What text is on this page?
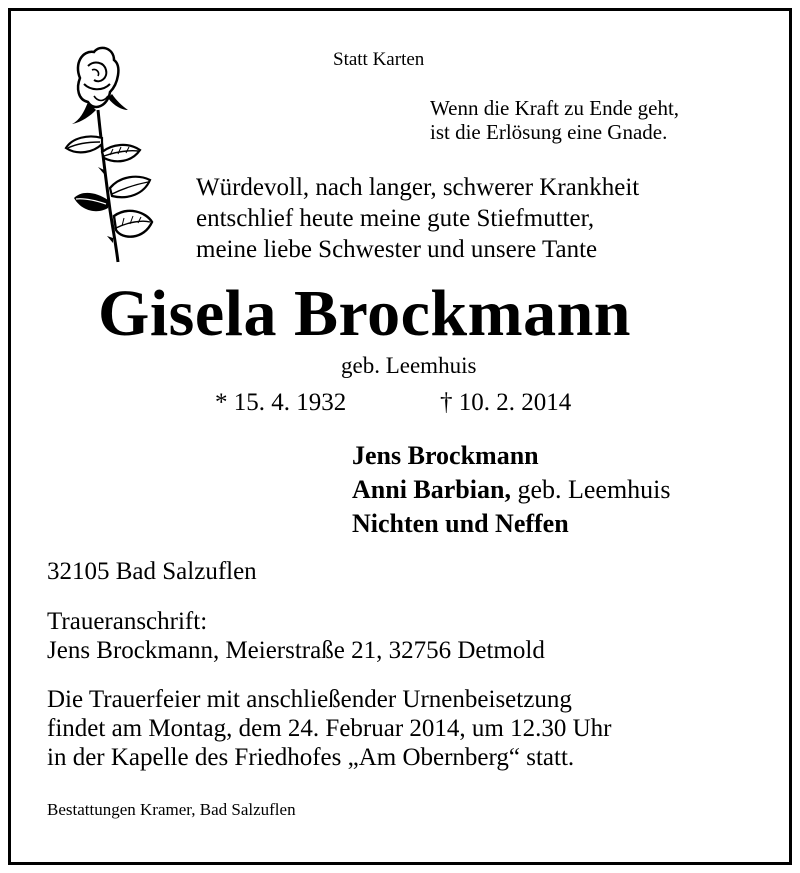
Statt Karten

Wenn die Kraft zu Ende geht,

ist die Erlösung eine Gnade.

Würdevoll, nach langer, schwerer Krankheit

entschlief heute meine gute Stiefmutter,

meine liebe Schwester und unsere Tante

Gisela Brockmann

geb. Leemhuis

* 15. 4. 1932	† 10. 2. 2014

Jens Brockmann
Anni Barbian, geb. Leemhuis
Nichten und Neffen

32105 Bad Salzuflen

Traueranschrift:

Jens Brockmann, Meierstraße 21, 32756 Detmold

Die Trauerfeier mit anschließender Urnenbeisetzung

findet am Montag, dem 24. Februar 2014, um 12.30 Uhr

in der Kapelle des Friedhofes „Am Obernberg“ statt.

Bestattungen Kramer, Bad Salzuflen
